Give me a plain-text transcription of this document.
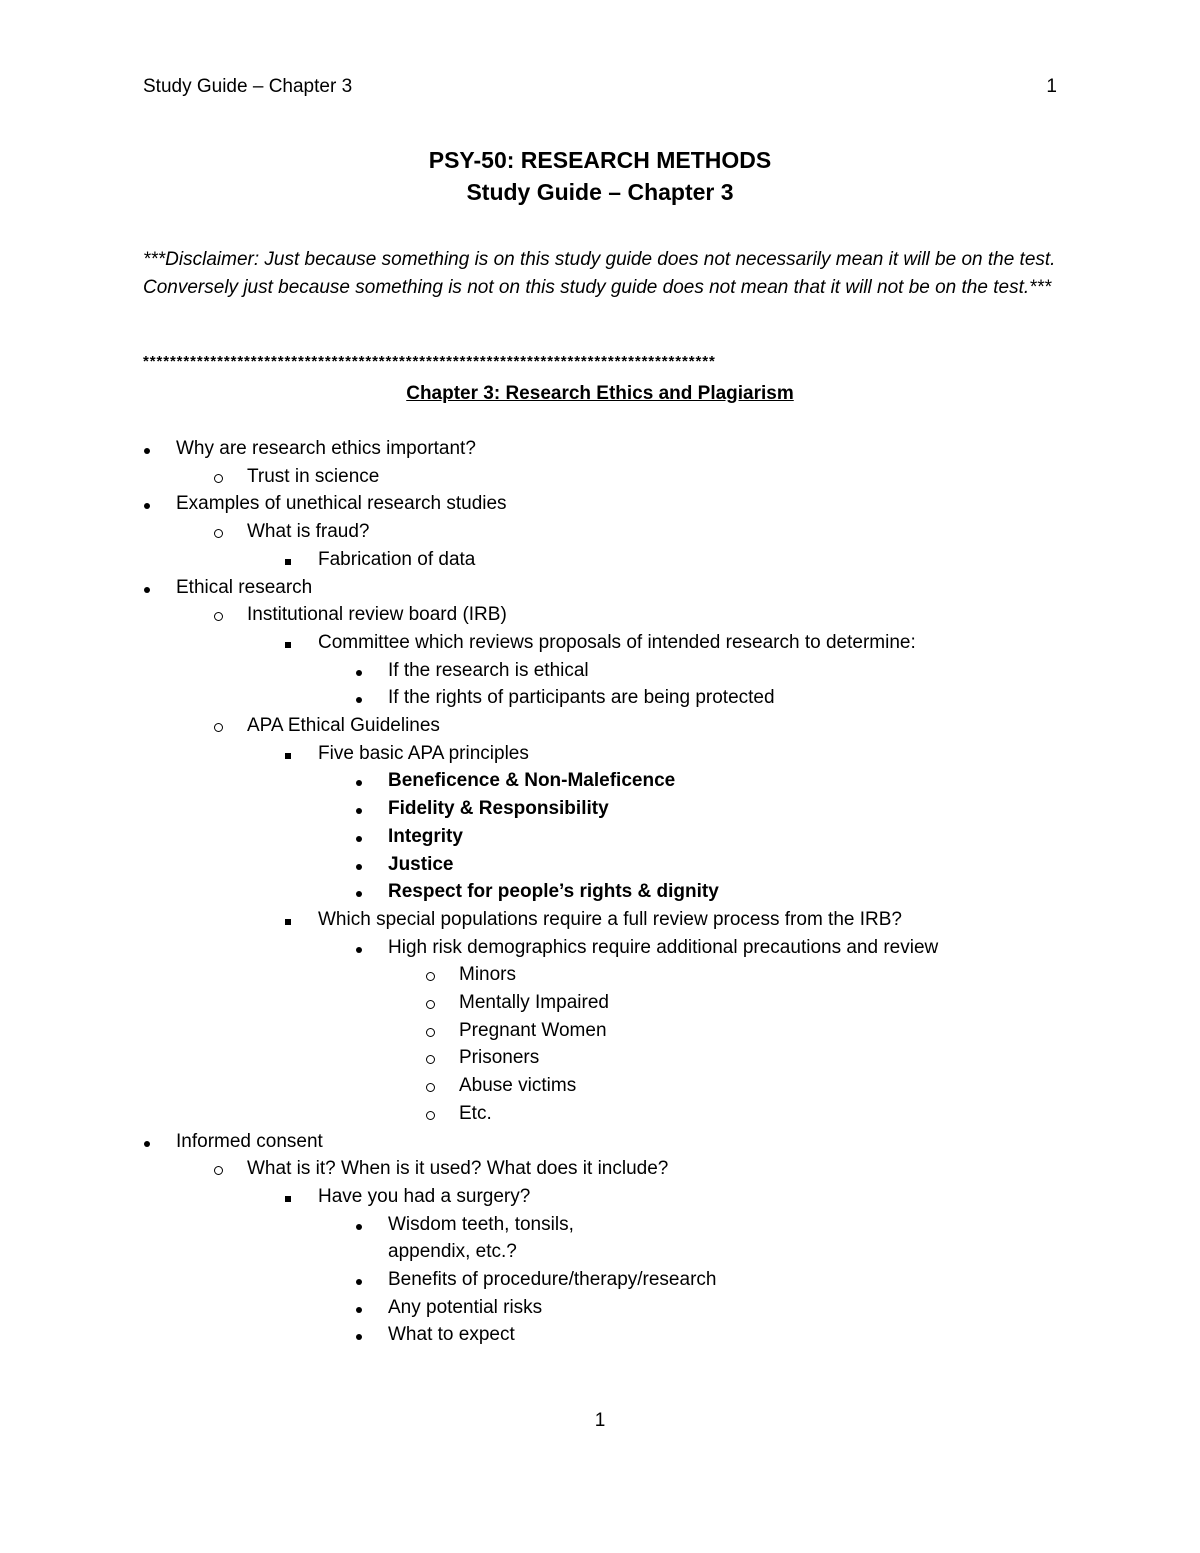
Study Guide – Chapter 3	1
PSY-50: RESEARCH METHODS
Study Guide – Chapter 3
***Disclaimer: Just because something is on this study guide does not necessarily mean it will be on the test. Conversely just because something is not on this study guide does not mean that it will not be on the test.***
*************************************************************************************
Chapter 3: Research Ethics and Plagiarism
Why are research ethics important?
Trust in science
Examples of unethical research studies
What is fraud?
Fabrication of data
Ethical research
Institutional review board (IRB)
Committee which reviews proposals of intended research to determine:
If the research is ethical
If the rights of participants are being protected
APA Ethical Guidelines
Five basic APA principles
Beneficence & Non-Maleficence
Fidelity & Responsibility
Integrity
Justice
Respect for people’s rights & dignity
Which special populations require a full review process from the IRB?
High risk demographics require additional precautions and review
Minors
Mentally Impaired
Pregnant Women
Prisoners
Abuse victims
Etc.
Informed consent
What is it? When is it used? What does it include?
Have you had a surgery?
Wisdom teeth, tonsils,
appendix, etc.?
Benefits of procedure/therapy/research
Any potential risks
What to expect
1
